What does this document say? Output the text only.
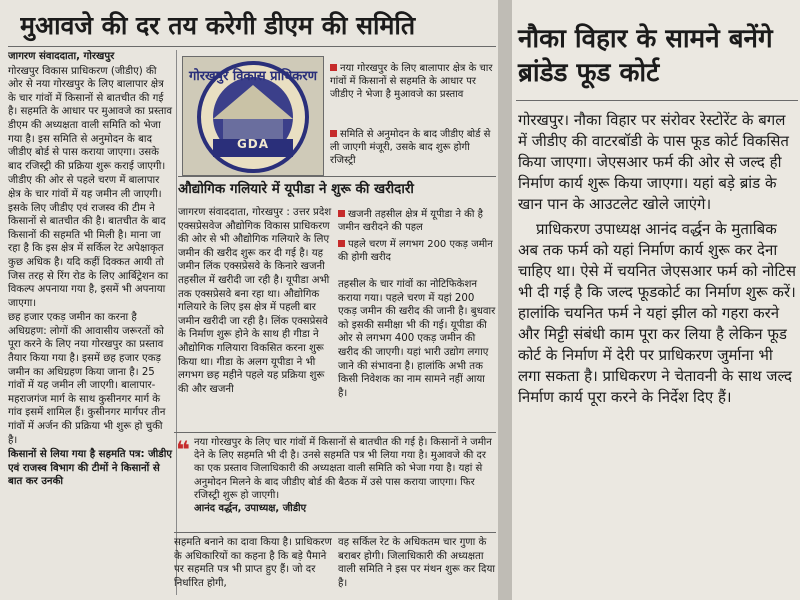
मुआवजे की दर तय करेगी डीएम की समिति

जागरण संवाददाता, गोरखपुर

गोरखपुर विकास प्राधिकरण (जीडीए) की ओर से नया गोरखपुर के लिए बालापार क्षेत्र के चार गांवों में किसानों से बातचीत की गई है। सहमति के आधार पर मुआवजे का प्रस्ताव डीएम की अध्यक्षता वाली समिति को भेजा गया है। इस समिति से अनुमोदन के बाद जीडीए बोर्ड से पास कराया जाएगा। उसके बाद रजिस्ट्री की प्रक्रिया शुरू कराई जाएगी।

जीडीए की ओर से पहले चरण में बालापार क्षेत्र के चार गांवों में यह जमीन ली जाएगी। इसके लिए जीडीए एवं राजस्व की टीम ने किसानों से बातचीत की है। बातचीत के बाद किसानों की सहमति भी मिली है। माना जा रहा है कि इस क्षेत्र में सर्किल रेट अपेक्षाकृत कुछ अधिक है। यदि कहीं दिक्कत आयी तो जिस तरह से रिंग रोड के लिए आर्बिट्रेशन का विकल्प अपनाया गया है, इसमें भी अपनाया जाएगा।

छह हजार एकड़ जमीन का करना है अधिग्रहण: लोगों की आवासीय जरूरतों को पूरा करने के लिए नया गोरखपुर का प्रस्ताव तैयार किया गया है। इसमें छह हजार एकड़ जमीन का अधिग्रहण किया जाना है। 25 गांवों में यह जमीन ली जाएगी। बालापार-महराजगंज मार्ग के साथ कुसीनगर मार्ग के गांव इसमें शामिल हैं। कुसीनगर मार्गपर तीन गांवों में अर्जन की प्रक्रिया भी शुरू हो चुकी है।

किसानों से लिया गया है सहमति पत्र: जीडीए एवं राजस्व विभाग की टीमों ने किसानों से बात कर उनकी

गोरखपुर विकास प्राधिकरण
GDA
नया गोरखपुर के लिए बालापार क्षेत्र के चार गांवों में किसानों से सहमति के आधार पर जीडीए ने भेजा है मुआवजे का प्रस्ताव
समिति से अनुमोदन के बाद जीडीए बोर्ड से ली जाएगी मंजूरी, उसके बाद शुरू होगी रजिस्ट्री
औद्योगिक गलियारे में यूपीडा ने शुरू की खरीदारी

जागरण संवाददाता, गोरखपुर : उत्तर प्रदेश एक्सप्रेसवेज औद्योगिक विकास प्राधिकरण की ओर से भी औद्योगिक गलियारे के लिए जमीन की खरीद शुरू कर दी गई है। यह जमीन लिंक एक्सप्रेसवे के किनारे खजनी तहसील में खरीदी जा रही है। यूपीडा अभी तक एक्सप्रेसवे बना रहा था। औद्योगिक गलियारे के लिए इस क्षेत्र में पहली बार जमीन खरीदी जा रही है। लिंक एक्सप्रेसवे के निर्माण शुरू होने के साथ ही गीडा ने औद्योगिक गलियारा विकसित करना शुरू किया था। गीडा के अलग यूपीडा ने भी लगभग छह महीने पहले यह प्रक्रिया शुरू की और खजनी

खजनी तहसील क्षेत्र में यूपीडा ने की है जमीन खरीदने की पहल
पहले चरण में लगभग 200 एकड़ जमीन की होगी खरीद

तहसील के चार गांवों का नोटिफिकेशन कराया गया। पहले चरण में यहां 200 एकड़ जमीन की खरीद की जानी है। बुधवार को इसकी समीक्षा भी की गई। यूपीडा की ओर से लगभग 400 एकड़ जमीन की खरीद की जाएगी। यहां भारी उद्योग लगाए जाने की संभावना है। हालांकि अभी तक किसी निवेशक का नाम सामने नहीं आया है।

❝ नया गोरखपुर के लिए चार गांवों में किसानों से बातचीत की गई है। किसानों ने जमीन देने के लिए सहमति भी दी है। उनसे सहमति पत्र भी लिया गया है। मुआवजे की दर का एक प्रस्ताव जिलाधिकारी की अध्यक्षता वाली समिति को भेजा गया है। यहां से अनुमोदन मिलने के बाद जीडीए बोर्ड की बैठक में उसे पास कराया जाएगा। फिर रजिस्ट्री शुरू हो जाएगी।
आनंद वर्द्धन, उपाध्यक्ष, जीडीए

सहमति बनाने का दावा किया है। प्राधिकरण के अधिकारियों का कहना है कि बड़े पैमाने पर सहमति पत्र भी प्राप्त हुए हैं। जो दर निर्धारित होगी,

वह सर्किल रेट के अधिकतम चार गुणा के बराबर होगी। जिलाधिकारी की अध्यक्षता वाली समिति ने इस पर मंथन शुरू कर दिया है।

नौका विहार के सामने बनेंगे ब्रांडेड फूड कोर्ट

गोरखपुर। नौका विहार पर संरोवर रेस्टोरेंट के बगल में जीडीए की वाटरबॉडी के पास फूड कोर्ट विकसित किया जाएगा। जेएसआर फर्म की ओर से जल्द ही निर्माण कार्य शुरू किया जाएगा। यहां बड़े ब्रांड के खान पान के आउटलेट खोले जाएंगे।

प्राधिकरण उपाध्यक्ष आनंद वर्द्धन के मुताबिक अब तक फर्म को यहां निर्माण कार्य शुरू कर देना चाहिए था। ऐसे में चयनित जेएसआर फर्म को नोटिस भी दी गई है कि जल्द फूडकोर्ट का निर्माण शुरू करें। हालांकि चयनित फर्म ने यहां झील को गहरा करने और मिट्टी संबंधी काम पूरा कर लिया है लेकिन फूड कोर्ट के निर्माण में देरी पर प्राधिकरण जुर्माना भी लगा सकता है। प्राधिकरण ने चेतावनी के साथ जल्द निर्माण कार्य पूरा करने के निर्देश दिए हैं।
